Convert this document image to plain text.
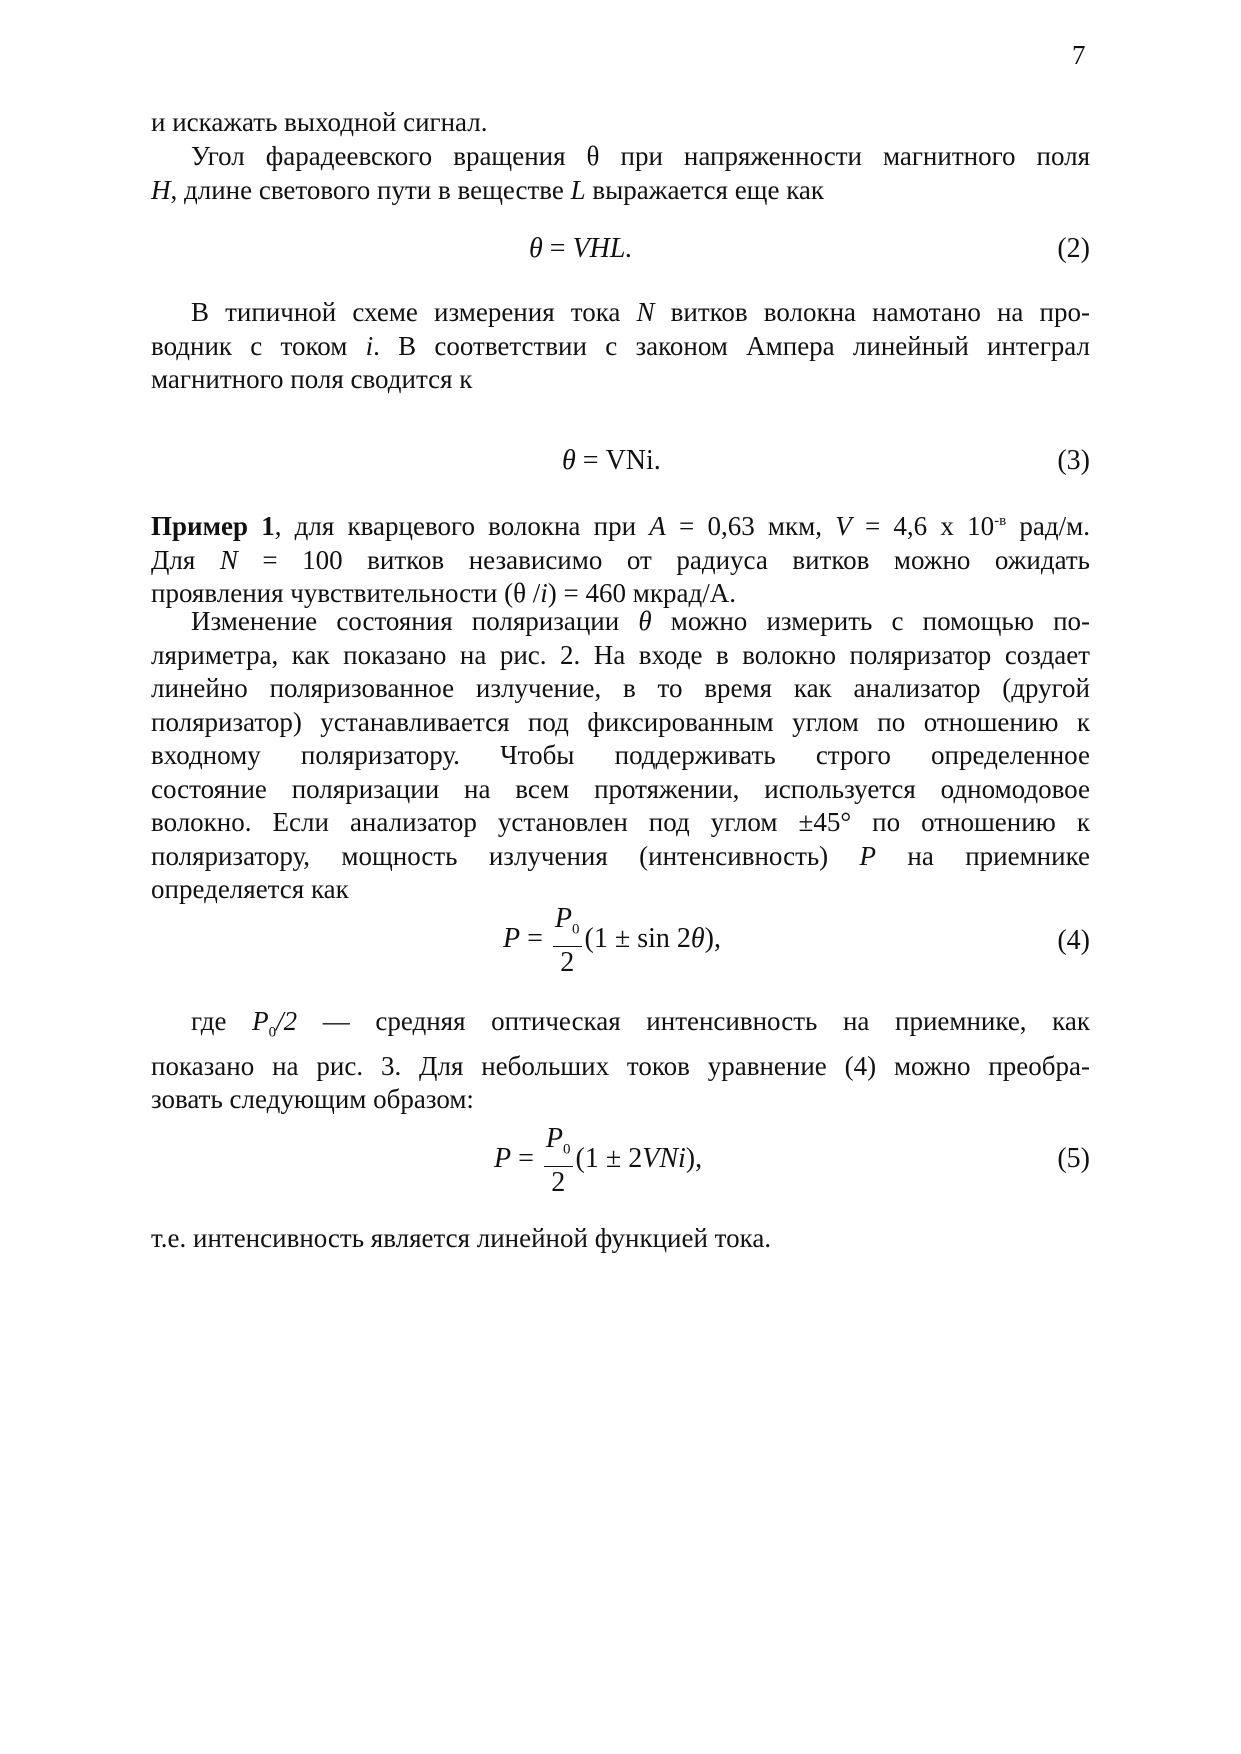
7
и искажать выходной сигнал.
Угол фарадеевского вращения θ при напряженности магнитного поля
H, длине светового пути в веществе L выражается еще как
θ = VHL.	(2)
В типичной схеме измерения тока N витков волокна намотано на про-
водник с током i. В соответствии с законом Ампера линейный интеграл
магнитного поля сводится к
θ = VNi.	(3)
Пример 1, для кварцевого волокна при A = 0,63 мкм, V = 4,6 х $10^{-в}$ рад/м.
Для N = 100 витков независимо от радиуса витков можно ожидать
проявления чувствительности (θ /i) = 460 мкрад/А.
Изменение состояния поляризации θ можно измерить с помощью по-
ляриметра, как показано на рис. 2. На входе в волокно поляризатор создает
линейно поляризованное излучение, в то время как анализатор (другой
поляризатор) устанавливается под фиксированным углом по отношению к
входному поляризатору. Чтобы поддерживать строго определенное
состояние поляризации на всем протяжении, используется одномодовое
волокно. Если анализатор установлен под углом ±45° по отношению к
поляризатору, мощность излучения (интенсивность) P на приемнике
определяется как
$P = \frac{P_0}{2} (1 \pm \sin 2\theta)$,	(4)
где $P_0/2$ — средняя оптическая интенсивность на приемнике, как
показано на рис. 3. Для небольших токов уравнение (4) можно преобра-
зовать следующим образом:
$P = \frac{P_0}{2} (1 \pm 2VNi)$,	(5)
т.е. интенсивность является линейной функцией тока.
